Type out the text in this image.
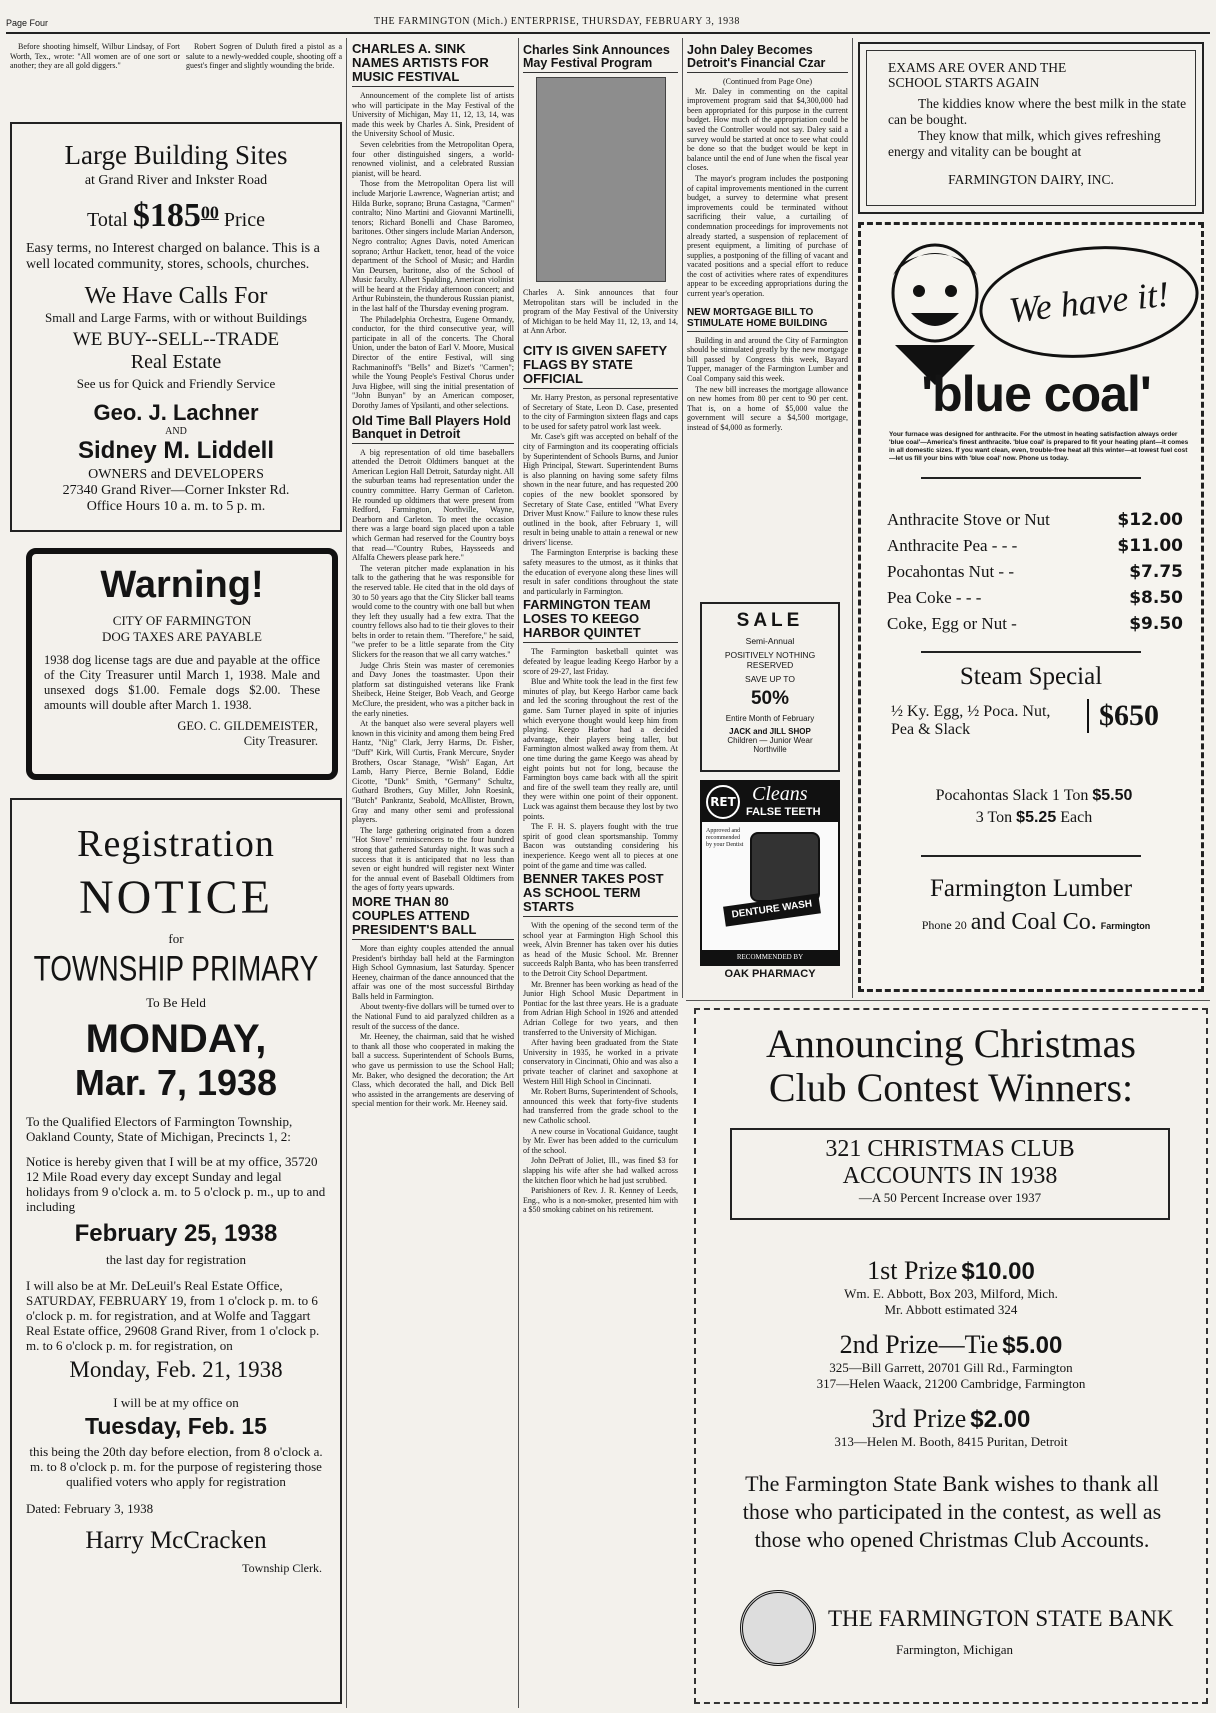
Page Four	THE FARMINGTON (Mich.) ENTERPRISE, THURSDAY, FEBRUARY 3, 1938

Before shooting himself, Wilbur Lindsay, of Fort Worth, Tex., wrote: "All women are of one sort or another; they are all gold diggers."

Robert Sogren of Duluth fired a pistol as a salute to a newly-wedded couple, shooting off a guest's finger and slightly wounding the bride.

Large Building Sites
at Grand River and Inkster Road
Total $\$185^{00}$ Price
Easy terms, no Interest charged on balance. This is a well located community, stores, schools, churches.
We Have Calls For
Small and Large Farms, with or without Buildings
WE BUY--SELL--TRADE
Real Estate
See us for Quick and Friendly Service
Geo. J. Lachner
AND
Sidney M. Liddell
OWNERS and DEVELOPERS
27340 Grand River—Corner Inkster Rd.
Office Hours 10 a. m. to 5 p. m.
Warning!
CITY OF FARMINGTON
DOG TAXES ARE PAYABLE
1938 dog license tags are due and payable at the office of the City Treasurer until March 1, 1938. Male and unsexed dogs $1.00. Female dogs $2.00. These amounts will double after March 1. 1938.
GEO. C. GILDEMEISTER,
City Treasurer.
Registration
NOTICE
for
TOWNSHIP PRIMARY
To Be Held
MONDAY,
Mar. 7, 1938
To the Qualified Electors of Farmington Township, Oakland County, State of Michigan, Precincts 1, 2:
Notice is hereby given that I will be at my office, 35720 12 Mile Road every day except Sunday and legal holidays from 9 o'clock a. m. to 5 o'clock p. m., up to and including
February 25, 1938
the last day for registration
I will also be at Mr. DeLeuil's Real Estate Office, SATURDAY, FEBRUARY 19, from 1 o'clock p. m. to 6 o'clock p. m. for registration, and at Wolfe and Taggart Real Estate office, 29608 Grand River, from 1 o'clock p. m. to 6 o'clock p. m. for registration, on
Monday, Feb. 21, 1938
I will be at my office on
Tuesday, Feb. 15
this being the 20th day before election, from 8 o'clock a. m. to 8 o'clock p. m. for the purpose of registering those qualified voters who apply for registration
Dated: February 3, 1938
Harry McCracken
Township Clerk.
CHARLES A. SINK NAMES ARTISTS FOR MUSIC FESTIVAL

Announcement of the complete list of artists who will participate in the May Festival of the University of Michigan, May 11, 12, 13, 14, was made this week by Charles A. Sink, President of the University School of Music.

Seven celebrities from the Metropolitan Opera, four other distinguished singers, a world-renowned violinist, and a celebrated Russian pianist, will be heard.

Those from the Metropolitan Opera list will include Marjorie Lawrence, Wagnerian artist; and Hilda Burke, soprano; Bruna Castagna, "Carmen" contralto; Nino Martini and Giovanni Martinelli, tenors; Richard Bonelli and Chase Baromeo, baritones. Other singers include Marian Anderson, Negro contralto; Agnes Davis, noted American soprano; Arthur Hackett, tenor, head of the voice department of the School of Music; and Hardin Van Deursen, baritone, also of the School of Music faculty. Albert Spalding, American violinist will be heard at the Friday afternoon concert; and Arthur Rubinstein, the thunderous Russian pianist, in the last half of the Thursday evening program.

The Philadelphia Orchestra, Eugene Ormandy, conductor, for the third consecutive year, will participate in all of the concerts. The Choral Union, under the baton of Earl V. Moore, Musical Director of the entire Festival, will sing Rachmaninoff's "Bells" and Bizet's "Carmen"; while the Young People's Festival Chorus under Juva Higbee, will sing the initial presentation of "John Bunyan" by an American composer, Dorothy James of Ypsilanti, and other selections.

Old Time Ball Players Hold Banquet in Detroit

A big representation of old time baseballers attended the Detroit Oldtimers banquet at the American Legion Hall Detroit, Saturday night. All the suburban teams had representation under the country committee. Harry German of Carleton. He rounded up oldtimers that were present from Redford, Farmington, Northville, Wayne, Dearborn and Carleton. To meet the occasion there was a large board sign placed upon a table which German had reserved for the Country boys that read—"Country Rubes, Haysseeds and Alfalfa Chewers please park here."

The veteran pitcher made explanation in his talk to the gathering that he was responsible for the reserved table. He cited that in the old days of 30 to 50 years ago that the City Slicker ball teams would come to the country with one ball but when they left they usually had a few extra. That the country fellows also had to tie their gloves to their belts in order to retain them. "Therefore," he said, "we prefer to be a little separate from the City Slickers for the reason that we all carry watches."

Judge Chris Stein was master of ceremonies and Davy Jones the toastmaster. Upon their platform sat distinguished veterans like Frank Sheibeck, Heine Steiger, Bob Veach, and George McClure, the president, who was a pitcher back in the early nineties.

At the banquet also were several players well known in this vicinity and among them being Fred Hantz, "Nig" Clark, Jerry Harms, Dr. Fisher, "Duff" Kirk, Will Curtis, Frank Mercure, Snyder Brothers, Oscar Stanage, "Wish" Eagan, Art Lamb, Harry Pierce, Bernie Boland, Eddie Cicotte, "Dunk" Smith, "Germany" Schultz, Guthard Brothers, Guy Miller, John Roesink, "Butch" Pankrantz, Seabold, McAllister, Brown, Gray and many other semi and professional players.

The large gathering originated from a dozen "Hot Stove" reminiscencers to the four hundred strong that gathered Saturday night. It was such a success that it is anticipated that no less than seven or eight hundred will register next Winter for the annual event of Baseball Oldtimers from the ages of forty years upwards.

MORE THAN 80 COUPLES ATTEND PRESIDENT'S BALL

More than eighty couples attended the annual President's birthday ball held at the Farmington High School Gymnasium, last Saturday. Spencer Heeney, chairman of the dance announced that the affair was one of the most successful Birthday Balls held in Farmington.

About twenty-five dollars will be turned over to the National Fund to aid paralyzed children as a result of the success of the dance.

Mr. Heeney, the chairman, said that he wished to thank all those who cooperated in making the ball a success. Superintendent of Schools Burns, who gave us permission to use the School Hall; Mr. Baker, who designed the decoration; the Art Class, which decorated the hall, and Dick Bell who assisted in the arrangements are deserving of special mention for their work. Mr. Heeney said.

Charles Sink Announces May Festival Program
Charles A. Sink announces that four Metropolitan stars will be included in the program of the May Festival of the University of Michigan to be held May 11, 12, 13, and 14, at Ann Arbor.
CITY IS GIVEN SAFETY FLAGS BY STATE OFFICIAL

Mr. Harry Preston, as personal representative of Secretary of State, Leon D. Case, presented to the city of Farmington sixteen flags and caps to be used for safety patrol work last week.

Mr. Case's gift was accepted on behalf of the city of Farmington and its cooperating officials by Superintendent of Schools Burns, and Junior High Principal, Stewart. Superintendent Burns is also planning on having some safety films shown in the near future, and has requested 200 copies of the new booklet sponsored by Secretary of State Case, entitled "What Every Driver Must Know." Failure to know these rules outlined in the book, after February 1, will result in being unable to attain a renewal or new drivers' license.

The Farmington Enterprise is backing these safety measures to the utmost, as it thinks that the education of everyone along these lines will result in safer conditions throughout the state and particularly in Farmington.

FARMINGTON TEAM LOSES TO KEEGO HARBOR QUINTET

The Farmington basketball quintet was defeated by league leading Keego Harbor by a score of 29-27, last Friday.

Blue and White took the lead in the first few minutes of play, but Keego Harbor came back and led the scoring throughout the rest of the game. Sam Turner played in spite of injuries which everyone thought would keep him from playing. Keego Harbor had a decided advantage, their players being taller, but Farmington almost walked away from them. At one time during the game Keego was ahead by eight points but not for long, because the Farmington boys came back with all the spirit and fire of the swell team they really are, until they were within one point of their opponent. Luck was against them because they lost by two points.

The F. H. S. players fought with the true spirit of good clean sportsmanship. Tommy Bacon was outstanding considering his inexperience. Keego went all to pieces at one point of the game and time was called.

BENNER TAKES POST AS SCHOOL TERM STARTS

With the opening of the second term of the school year at Farmington High School this week, Alvin Brenner has taken over his duties as head of the Music School. Mr. Brenner succeeds Ralph Banta, who has been transferred to the Detroit City School Department.

Mr. Brenner has been working as head of the Junior High School Music Department in Pontiac for the last three years. He is a graduate from Adrian High School in 1926 and attended Adrian College for two years, and then transferred to the University of Michigan.

After having been graduated from the State University in 1935, he worked in a private conservatory in Cincinnati, Ohio and was also a private teacher of clarinet and saxophone at Western Hill High School in Cincinnati.

Mr. Robert Burns, Superintendent of Schools, announced this week that forty-five students had transferred from the grade school to the new Catholic school.

A new course in Vocational Guidance, taught by Mr. Ewer has been added to the curriculum of the school.

John DePratt of Joliet, Ill., was fined $3 for slapping his wife after she had walked across the kitchen floor which he had just scrubbed.

Parishioners of Rev. J. R. Kenney of Leeds, Eng., who is a non-smoker, presented him with a $50 smoking cabinet on his retirement.

John Daley Becomes Detroit's Financial Czar
(Continued from Page One)

Mr. Daley in commenting on the capital improvement program said that $4,300,000 had been appropriated for this purpose in the current budget. How much of the appropriation could be saved the Controller would not say. Daley said a survey would be started at once to see what could be done so that the budget would be kept in balance until the end of June when the fiscal year closes.

The mayor's program includes the postponing of capital improvements mentioned in the current budget, a survey to determine what present improvements could be terminated without sacrificing their value, a curtailing of condemnation proceedings for improvements not already started, a suspension of replacement of present equipment, a limiting of purchase of supplies, a postponing of the filling of vacant and vacated positions and a special effort to reduce the cost of activities where rates of expenditures appear to be exceeding appropriations during the current year's operation.

NEW MORTGAGE BILL TO STIMULATE HOME BUILDING

Building in and around the City of Farmington should be stimulated greatly by the new mortgage bill passed by Congress this week, Bayard Tupper, manager of the Farmington Lumber and Coal Company said this week.

The new bill increases the mortgage allowance on new homes from 80 per cent to 90 per cent. That is, on a home of $5,000 value the government will secure a $4,500 mortgage, instead of $4,000 as formerly.

SALE
Semi-Annual
POSITIVELY NOTHING
RESERVED
SAVE UP TO
50%
Entire Month of February
JACK and JILL SHOP
Children — Junior Wear
Northville
RET Cleans
FALSE TEETH
Approved and recommended by your Dentist
DENTURE WASH
RECOMMENDED BY
OAK PHARMACY
EXAMS ARE OVER AND THE
SCHOOL STARTS AGAIN
The kiddies know where the best milk in the state can be bought.
They know that milk, which gives refreshing energy and vitality can be bought at
FARMINGTON DAIRY, INC.
We have it!
'blue coal'
Your furnace was designed for anthracite. For the utmost in heating satisfaction always order 'blue coal'—America's finest anthracite. 'blue coal' is prepared to fit your heating plant—it comes in all domestic sizes. If you want clean, even, trouble-free heat all this winter—at lowest fuel cost—let us fill your bins with 'blue coal' now. Phone us today.
Anthracite Stove or Nut	$12.00
Anthracite Pea - - -	$11.00
Pocahontas Nut - -	$7.75
Pea Coke - - -	$8.50
Coke, Egg or Nut -	$9.50
Steam Special
½ Ky. Egg, ½ Poca. Nut, Pea & Slack	$650
Pocahontas Slack 1 Ton $5.50
3 Ton $5.25 Each
Farmington Lumber
Phone 20 and Coal Co. Farmington
Announcing Christmas
Club Contest Winners:
321 CHRISTMAS CLUB
ACCOUNTS IN 1938
—A 50 Percent Increase over 1937
1st Prize $10.00
Wm. E. Abbott, Box 203, Milford, Mich.
Mr. Abbott estimated 324
2nd Prize—Tie $5.00
325—Bill Garrett, 20701 Gill Rd., Farmington
317—Helen Waack, 21200 Cambridge, Farmington
3rd Prize $2.00
313—Helen M. Booth, 8415 Puritan, Detroit
The Farmington State Bank wishes to thank all those who participated in the contest, as well as those who opened Christmas Club Accounts.
THE FARMINGTON STATE BANK
Farmington, Michigan
